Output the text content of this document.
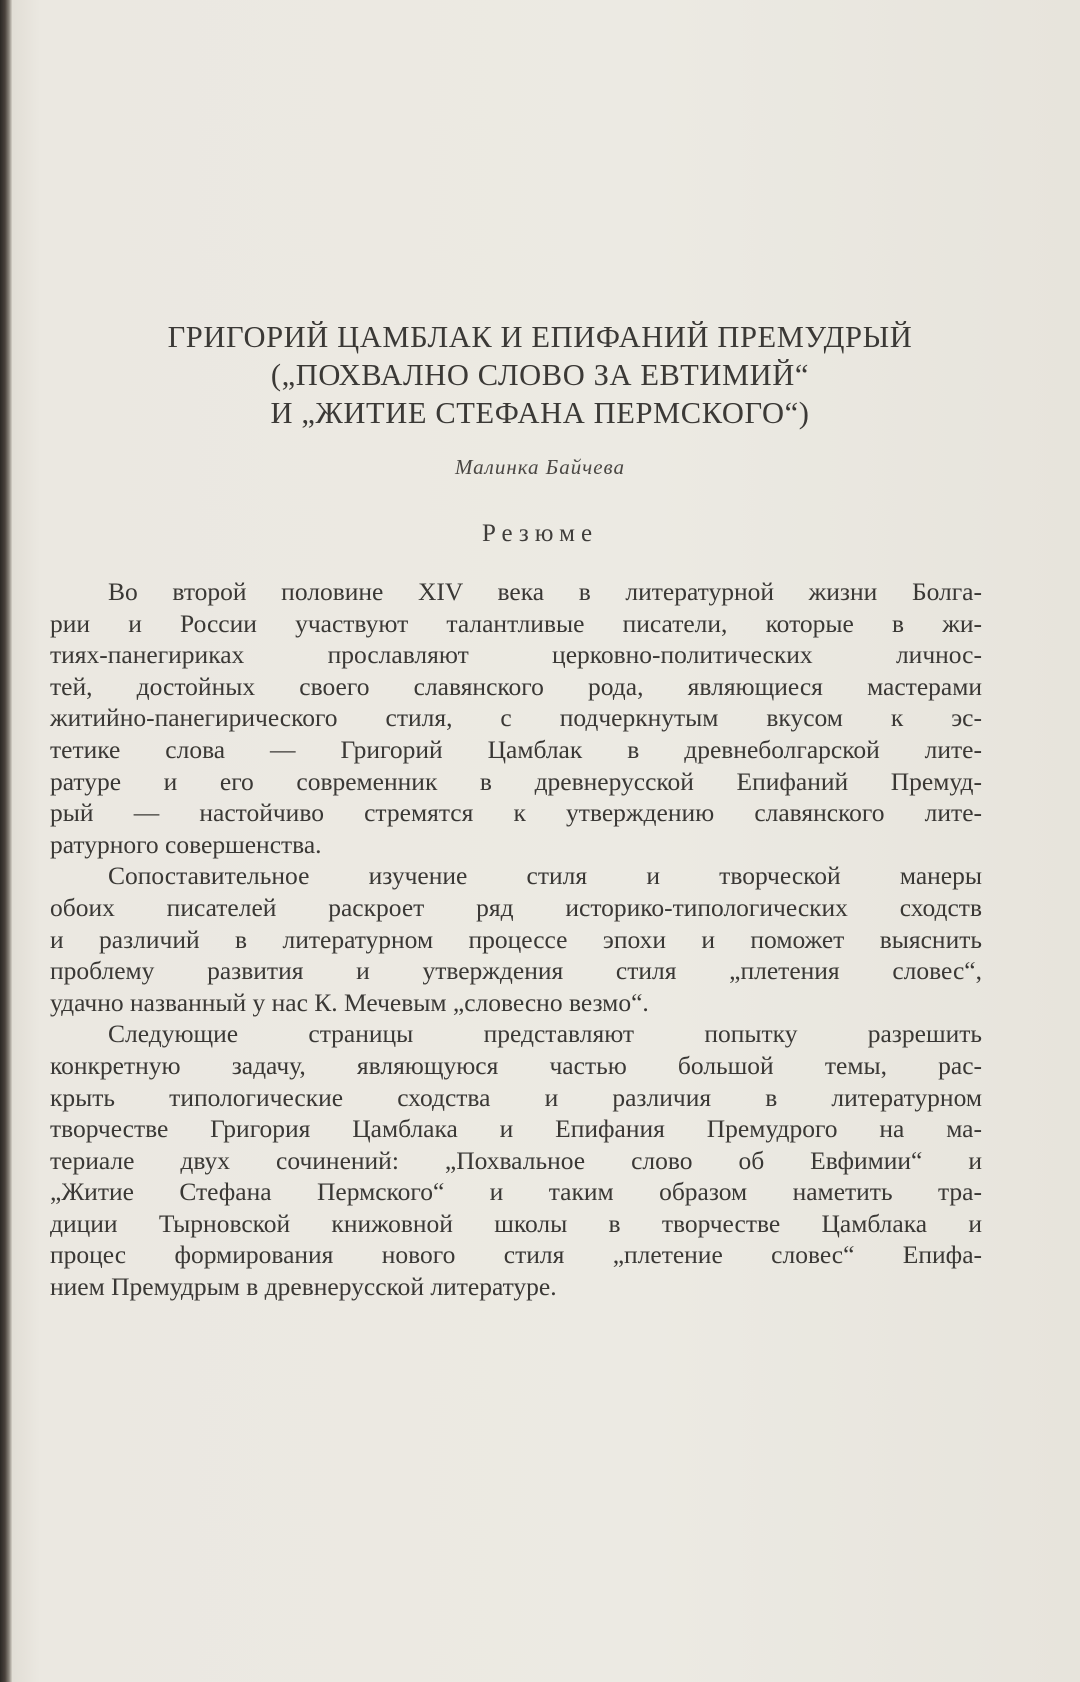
ГРИГОРИЙ ЦАМБЛАК И ЕПИФАНИЙ ПРЕМУДРЫЙ

(„ПОХВАЛНО СЛОВО ЗА ЕВТИМИЙ“

И „ЖИТИЕ СТЕФАНА ПЕРМСКОГО“)

Малинка Байчева
Резюме
Во второй половине XIV века в литературной жизни Болга-
рии и России участвуют талантливые писатели, которые в жи-
тиях-панегириках прославляют церковно-политических личнос-
тей, достойных своего славянского рода, являющиеся мастерами
житийно-панегирического стиля, с подчеркнутым вкусом к эс-
тетике слова — Григорий Цамблак в древнеболгарской лите-
ратуре и его современник в древнерусской Епифаний Премуд-
рый — настойчиво стремятся к утверждению славянского лите-
ратурного совершенства.
Сопоставительное изучение стиля и творческой манеры
обоих писателей раскроет ряд историко-типологических сходств
и различий в литературном процессе эпохи и поможет выяснить
проблему развития и утверждения стиля „плетения словес“,
удачно названный у нас К. Мечевым „словесно везмо“.
Следующие страницы представляют попытку разрешить
конкретную задачу, являющуюся частью большой темы, рас-
крыть типологические сходства и различия в литературном
творчестве Григория Цамблака и Епифания Премудрого на ма-
териале двух сочинений: „Похвальное слово об Евфимии“ и
„Житие Стефана Пермского“ и таким образом наметить тра-
диции Тырновской книжовной школы в творчестве Цамблака и
процес формирования нового стиля „плетение словес“ Епифа-
нием Премудрым в древнерусской литературе.
